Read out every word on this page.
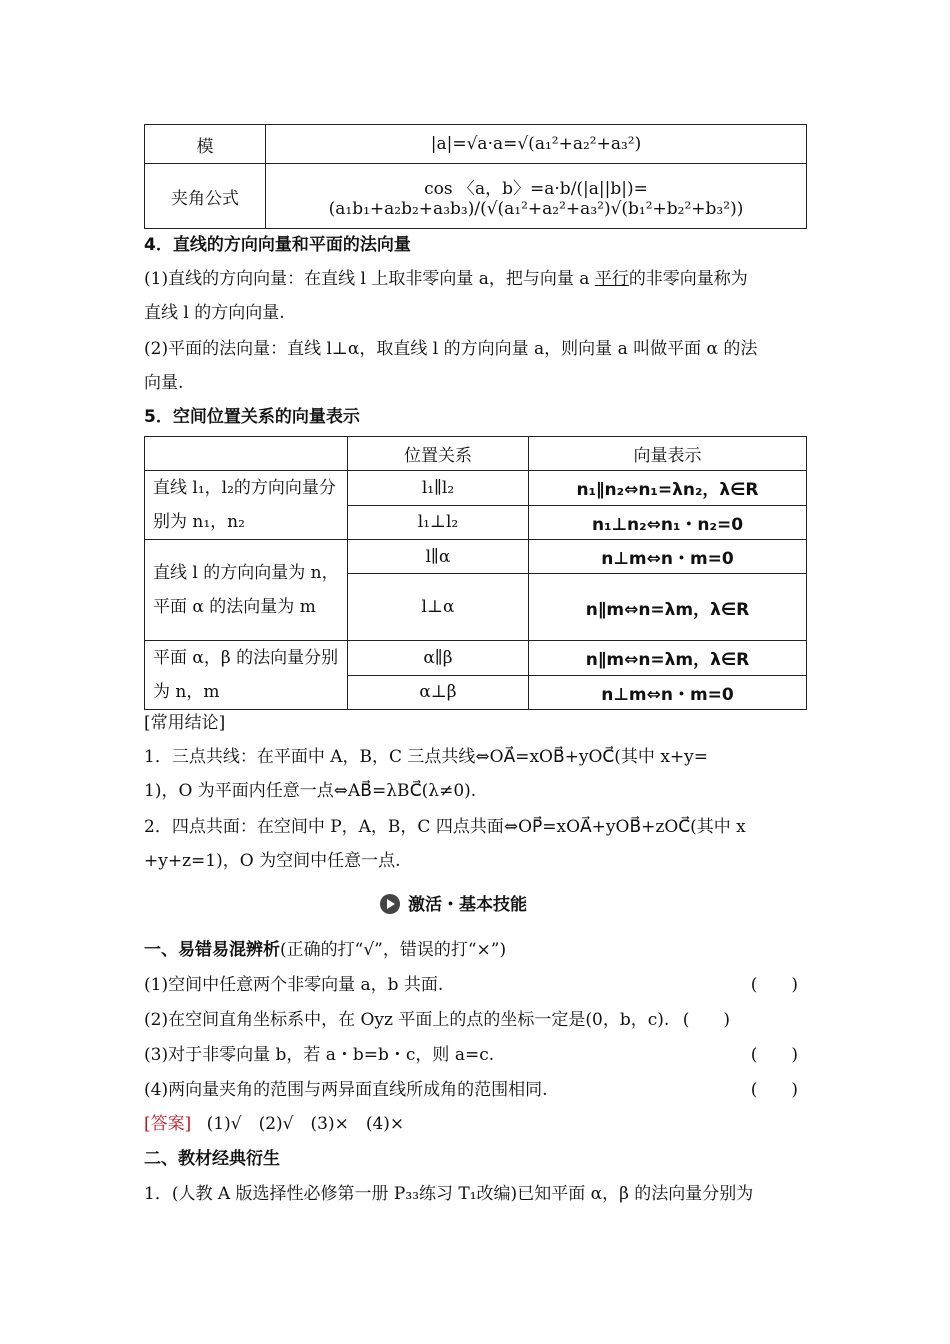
模	|a|=√a·a=√(a₁²+a₂²+a₃²)
夹角公式	cos 〈a，b〉=a·b/(|a||b|)=(a₁b₁+a₂b₂+a₃b₃)/(√(a₁²+a₂²+a₃²)√(b₁²+b₂²+b₃²))
4．直线的方向向量和平面的法向量
(1)直线的方向向量：在直线 l 上取非零向量 a，把与向量 a 平行的非零向量称为
直线 l 的方向向量.
(2)平面的法向量：直线 l⊥α，取直线 l 的方向向量 a，则向量 a 叫做平面 α 的法
向量.
5．空间位置关系的向量表示
	位置关系	向量表示
直线 l₁，l₂的方向向量分别为 n₁，n₂	l₁∥l₂	n₁∥n₂⇔n₁=λn₂，λ∈R
	l₁⊥l₂	n₁⊥n₂⇔n₁・n₂=0
直线 l 的方向向量为 n，平面 α 的法向量为 m	l∥α	n⊥m⇔n・m=0
	l⊥α	n∥m⇔n=λm，λ∈R
平面 α，β 的法向量分别为 n，m	α∥β	n∥m⇔n=λm，λ∈R
	α⊥β	n⊥m⇔n・m=0
[常用结论]
1．三点共线：在平面中 A，B，C 三点共线⇔OA⃗=xOB⃗+yOC⃗(其中 x+y=
1)，O 为平面内任意一点⇔AB⃗=λBC⃗(λ≠0).
2．四点共面：在空间中 P，A，B，C 四点共面⇔OP⃗=xOA⃗+yOB⃗+zOC⃗(其中 x
+y+z=1)，O 为空间中任意一点.
激活・基本技能
一、易错易混辨析(正确的打“√”，错误的打“×”)
(1)空间中任意两个非零向量 a，b 共面.	(　　)
(2)在空间直角坐标系中，在 Oyz 平面上的点的坐标一定是(0，b，c). (　　)
(3)对于非零向量 b，若 a・b=b・c，则 a=c.	(　　)
(4)两向量夹角的范围与两异面直线所成角的范围相同.	(　　)
[答案] (1)√　(2)√　(3)×　(4)×
二、教材经典衍生
1．(人教 A 版选择性必修第一册 P₃₃练习 T₁改编)已知平面 α，β 的法向量分别为
